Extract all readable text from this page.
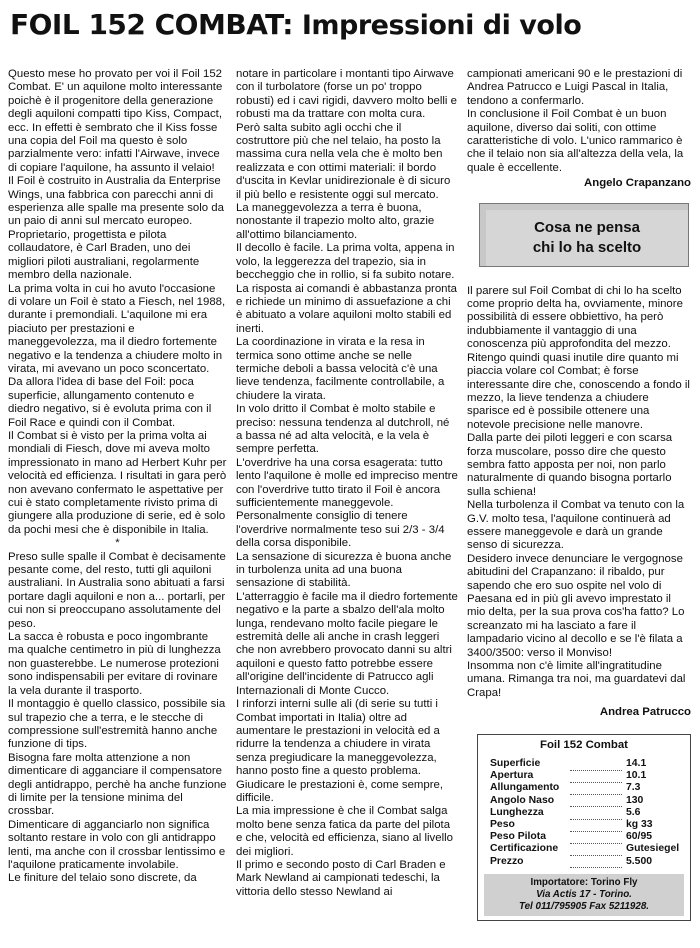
FOIL 152 COMBAT: Impressioni di volo

Questo mese ho provato per voi il Foil 152 Combat. E' un aquilone molto interessante poichè è il progenitore della generazione degli aquiloni compatti tipo Kiss, Compact, ecc. In effetti è sembrato che il Kiss fosse una copia del Foil ma questo è solo parzialmente vero: infatti l'Airwave, invece di copiare l'aquilone, ha assunto il velaio!

Il Foil è costruito in Australia da Enterprise Wings, una fabbrica con parecchi anni di esperienza alle spalle ma presente solo da un paio di anni sul mercato europeo. Proprietario, progettista e pilota collaudatore, è Carl Braden, uno dei migliori piloti australiani, regolarmente membro della nazionale.

La prima volta in cui ho avuto l'occasione di volare un Foil è stato a Fiesch, nel 1988, durante i premondiali. L'aquilone mi era piaciuto per prestazioni e maneggevolezza, ma il diedro fortemente negativo e la tendenza a chiudere molto in virata, mi avevano un poco sconcertato. Da allora l'idea di base del Foil: poca superficie, allungamento contenuto e diedro negativo, si è evoluta prima con il Foil Race e quindi con il Combat.

Il Combat si è visto per la prima volta ai mondiali di Fiesch, dove mi aveva molto impressionato in mano ad Herbert Kuhr per velocità ed efficienza. I risultati in gara però non avevano confermato le aspettative per cui è stato completamente rivisto prima di giungere alla produzione di serie, ed è solo da pochi mesi che è disponibile in Italia.

*

Preso sulle spalle il Combat è decisamente pesante come, del resto, tutti gli aquiloni australiani. In Australia sono abituati a farsi portare dagli aquiloni e non a... portarli, per cui non si preoccupano assolutamente del peso.

La sacca è robusta e poco ingombrante ma qualche centimetro in più di lunghezza non guasterebbe. Le numerose protezioni sono indispensabili per evitare di rovinare la vela durante il trasporto.

Il montaggio è quello classico, possibile sia sul trapezio che a terra, e le stecche di compressione sull'estremità hanno anche funzione di tips.

Bisogna fare molta attenzione a non dimenticare di agganciare il compensatore degli antidrappo, perchè ha anche funzione di limite per la tensione minima del crossbar.

Dimenticare di agganciarlo non significa soltanto restare in volo con gli antidrappo lenti, ma anche con il crossbar lentissimo e l'aquilone praticamente involabile.

Le finiture del telaio sono discrete, da

notare in particolare i montanti tipo Airwave con il turbolatore (forse un po' troppo robusti) ed i cavi rigidi, davvero molto belli e robusti ma da trattare con molta cura.

Però salta subito agli occhi che il costruttore più che nel telaio, ha posto la massima cura nella vela che è molto ben realizzata e con ottimi materiali: il bordo d'uscita in Kevlar unidirezionale è di sicuro il più bello e resistente oggi sul mercato.

La maneggevolezza a terra è buona, nonostante il trapezio molto alto, grazie all'ottimo bilanciamento.

Il decollo è facile. La prima volta, appena in volo, la leggerezza del trapezio, sia in beccheggio che in rollio, si fa subito notare. La risposta ai comandi è abbastanza pronta e richiede un minimo di assuefazione a chi è abituato a volare aquiloni molto stabili ed inerti.

La coordinazione in virata e la resa in termica sono ottime anche se nelle termiche deboli a bassa velocità c'è una lieve tendenza, facilmente controllabile, a chiudere la virata.

In volo dritto il Combat è molto stabile e preciso: nessuna tendenza al dutchroll, né a bassa né ad alta velocità, e la vela è sempre perfetta.

L'overdrive ha una corsa esagerata: tutto lento l'aquilone è molle ed impreciso mentre con l'overdrive tutto tirato il Foil è ancora sufficientemente maneggevole. Personalmente consiglio di tenere l'overdrive normalmente teso sui 2/3 - 3/4 della corsa disponibile.

La sensazione di sicurezza è buona anche in turbolenza unita ad una buona sensazione di stabilità.

L'atterraggio è facile ma il diedro fortemente negativo e la parte a sbalzo dell'ala molto lunga, rendevano molto facile piegare le estremità delle ali anche in crash leggeri che non avrebbero provocato danni su altri aquiloni e questo fatto potrebbe essere all'origine dell'incidente di Patrucco agli Internazionali di Monte Cucco.

I rinforzi interni sulle ali (di serie su tutti i Combat importati in Italia) oltre ad aumentare le prestazioni in velocità ed a ridurre la tendenza a chiudere in virata senza pregiudicare la maneggevolezza, hanno posto fine a questo problema.

Giudicare le prestazioni è, come sempre, difficile.

La mia impressione è che il Combat salga molto bene senza fatica da parte del pilota e che, velocità ed efficienza, siano al livello dei migliori.

Il primo e secondo posto di Carl Braden e Mark Newland ai campionati tedeschi, la vittoria dello stesso Newland ai

campionati americani 90 e le prestazioni di Andrea Patrucco e Luigi Pascal in Italia, tendono a confermarlo.

In conclusione il Foil Combat è un buon aquilone, diverso dai soliti, con ottime caratteristiche di volo. L'unico rammarico è che il telaio non sia all'altezza della vela, la quale è eccellente.

Angelo Crapanzano

Cosa ne pensa
chi lo ha scelto

Il parere sul Foil Combat di chi lo ha scelto come proprio delta ha, ovviamente, minore possibilità di essere obbiettivo, ha però indubbiamente il vantaggio di una conoscenza più approfondita del mezzo.

Ritengo quindi quasi inutile dire quanto mi piaccia volare col Combat; è forse interessante dire che, conoscendo a fondo il mezzo, la lieve tendenza a chiudere sparisce ed è possibile ottenere una notevole precisione nelle manovre.

Dalla parte dei piloti leggeri e con scarsa forza muscolare, posso dire che questo sembra fatto apposta per noi, non parlo naturalmente di quando bisogna portarlo sulla schiena!

Nella turbolenza il Combat va tenuto con la G.V. molto tesa, l'aquilone continuerà ad essere maneggevole e darà un grande senso di sicurezza.

Desidero invece denunciare le vergognose abitudini del Crapanzano: il ribaldo, pur sapendo che ero suo ospite nel volo di Paesana ed in più gli avevo imprestato il mio delta, per la sua prova cos'ha fatto? Lo screanzato mi ha lasciato a fare il lampadario vicino al decollo e se l'è filata a 3400/3500: verso il Monviso!

Insomma non c'è limite all'ingratitudine umana. Rimanga tra noi, ma guardatevi dal Crapa!

Andrea Patrucco

Foil 152 Combat
Superficie		14.1
Apertura		10.1
Allungamento		7.3
Angolo Naso		130
Lunghezza		5.6
Peso		kg 33
Peso Pilota		60/95
Certificazione		Gutesiegel
Prezzo		5.500
Importatore: Torino Fly
Via Actis 17 - Torino.
Tel 011/795905 Fax 5211928.
